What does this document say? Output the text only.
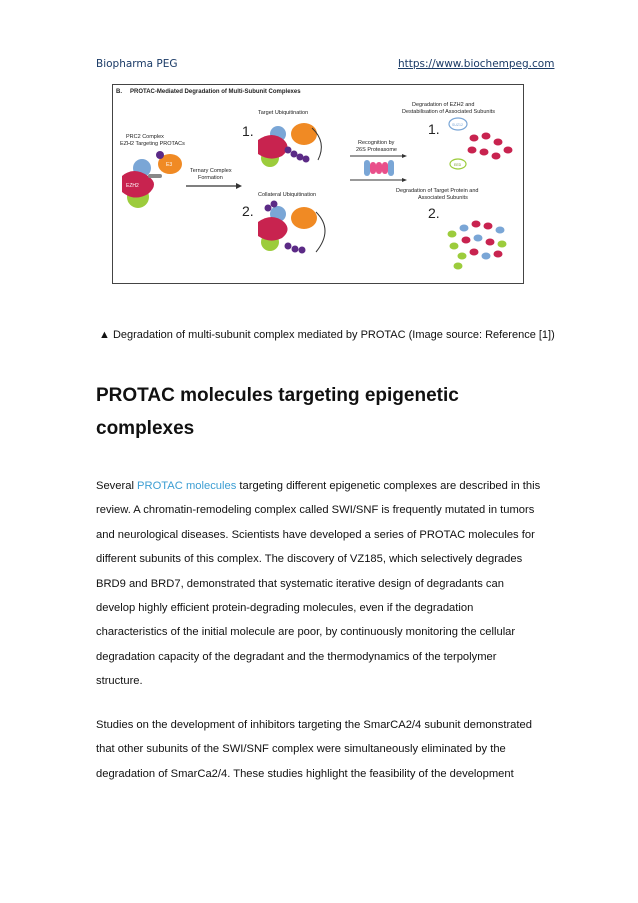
Biopharma PEG	https://www.biochempeg.com
B. PROTAC-Mediated Degradation of Multi-Subunit Complexes
PRC2 Complex
EZH2 Targeting PROTACs
EZH2
E3
Ternary Complex
Formation
1.
Target Ubiquitination
2.
Collateral Ubiquitination
Recognition by
26S Proteasome
Degradation of EZH2 and
Destabilisation of Associated Subunits
1.	SUZ12
EED
Degradation of Target Protein and
Associated Subunits
2.
▲ Degradation of multi-subunit complex mediated by PROTAC (Image source: Reference [1])
PROTAC molecules targeting epigenetic complexes
Several PROTAC molecules targeting different epigenetic complexes are described in this review. A chromatin-remodeling complex called SWI/SNF is frequently mutated in tumors and neurological diseases. Scientists have developed a series of PROTAC molecules for different subunits of this complex. The discovery of VZ185, which selectively degrades BRD9 and BRD7, demonstrated that systematic iterative design of degradants can develop highly efficient protein-degrading molecules, even if the degradation characteristics of the initial molecule are poor, by continuously monitoring the cellular degradation capacity of the degradant and the thermodynamics of the terpolymer structure.
Studies on the development of inhibitors targeting the SmarCA2/4 subunit demonstrated that other subunits of the SWI/SNF complex were simultaneously eliminated by the degradation of SmarCa2/4. These studies highlight the feasibility of the development
